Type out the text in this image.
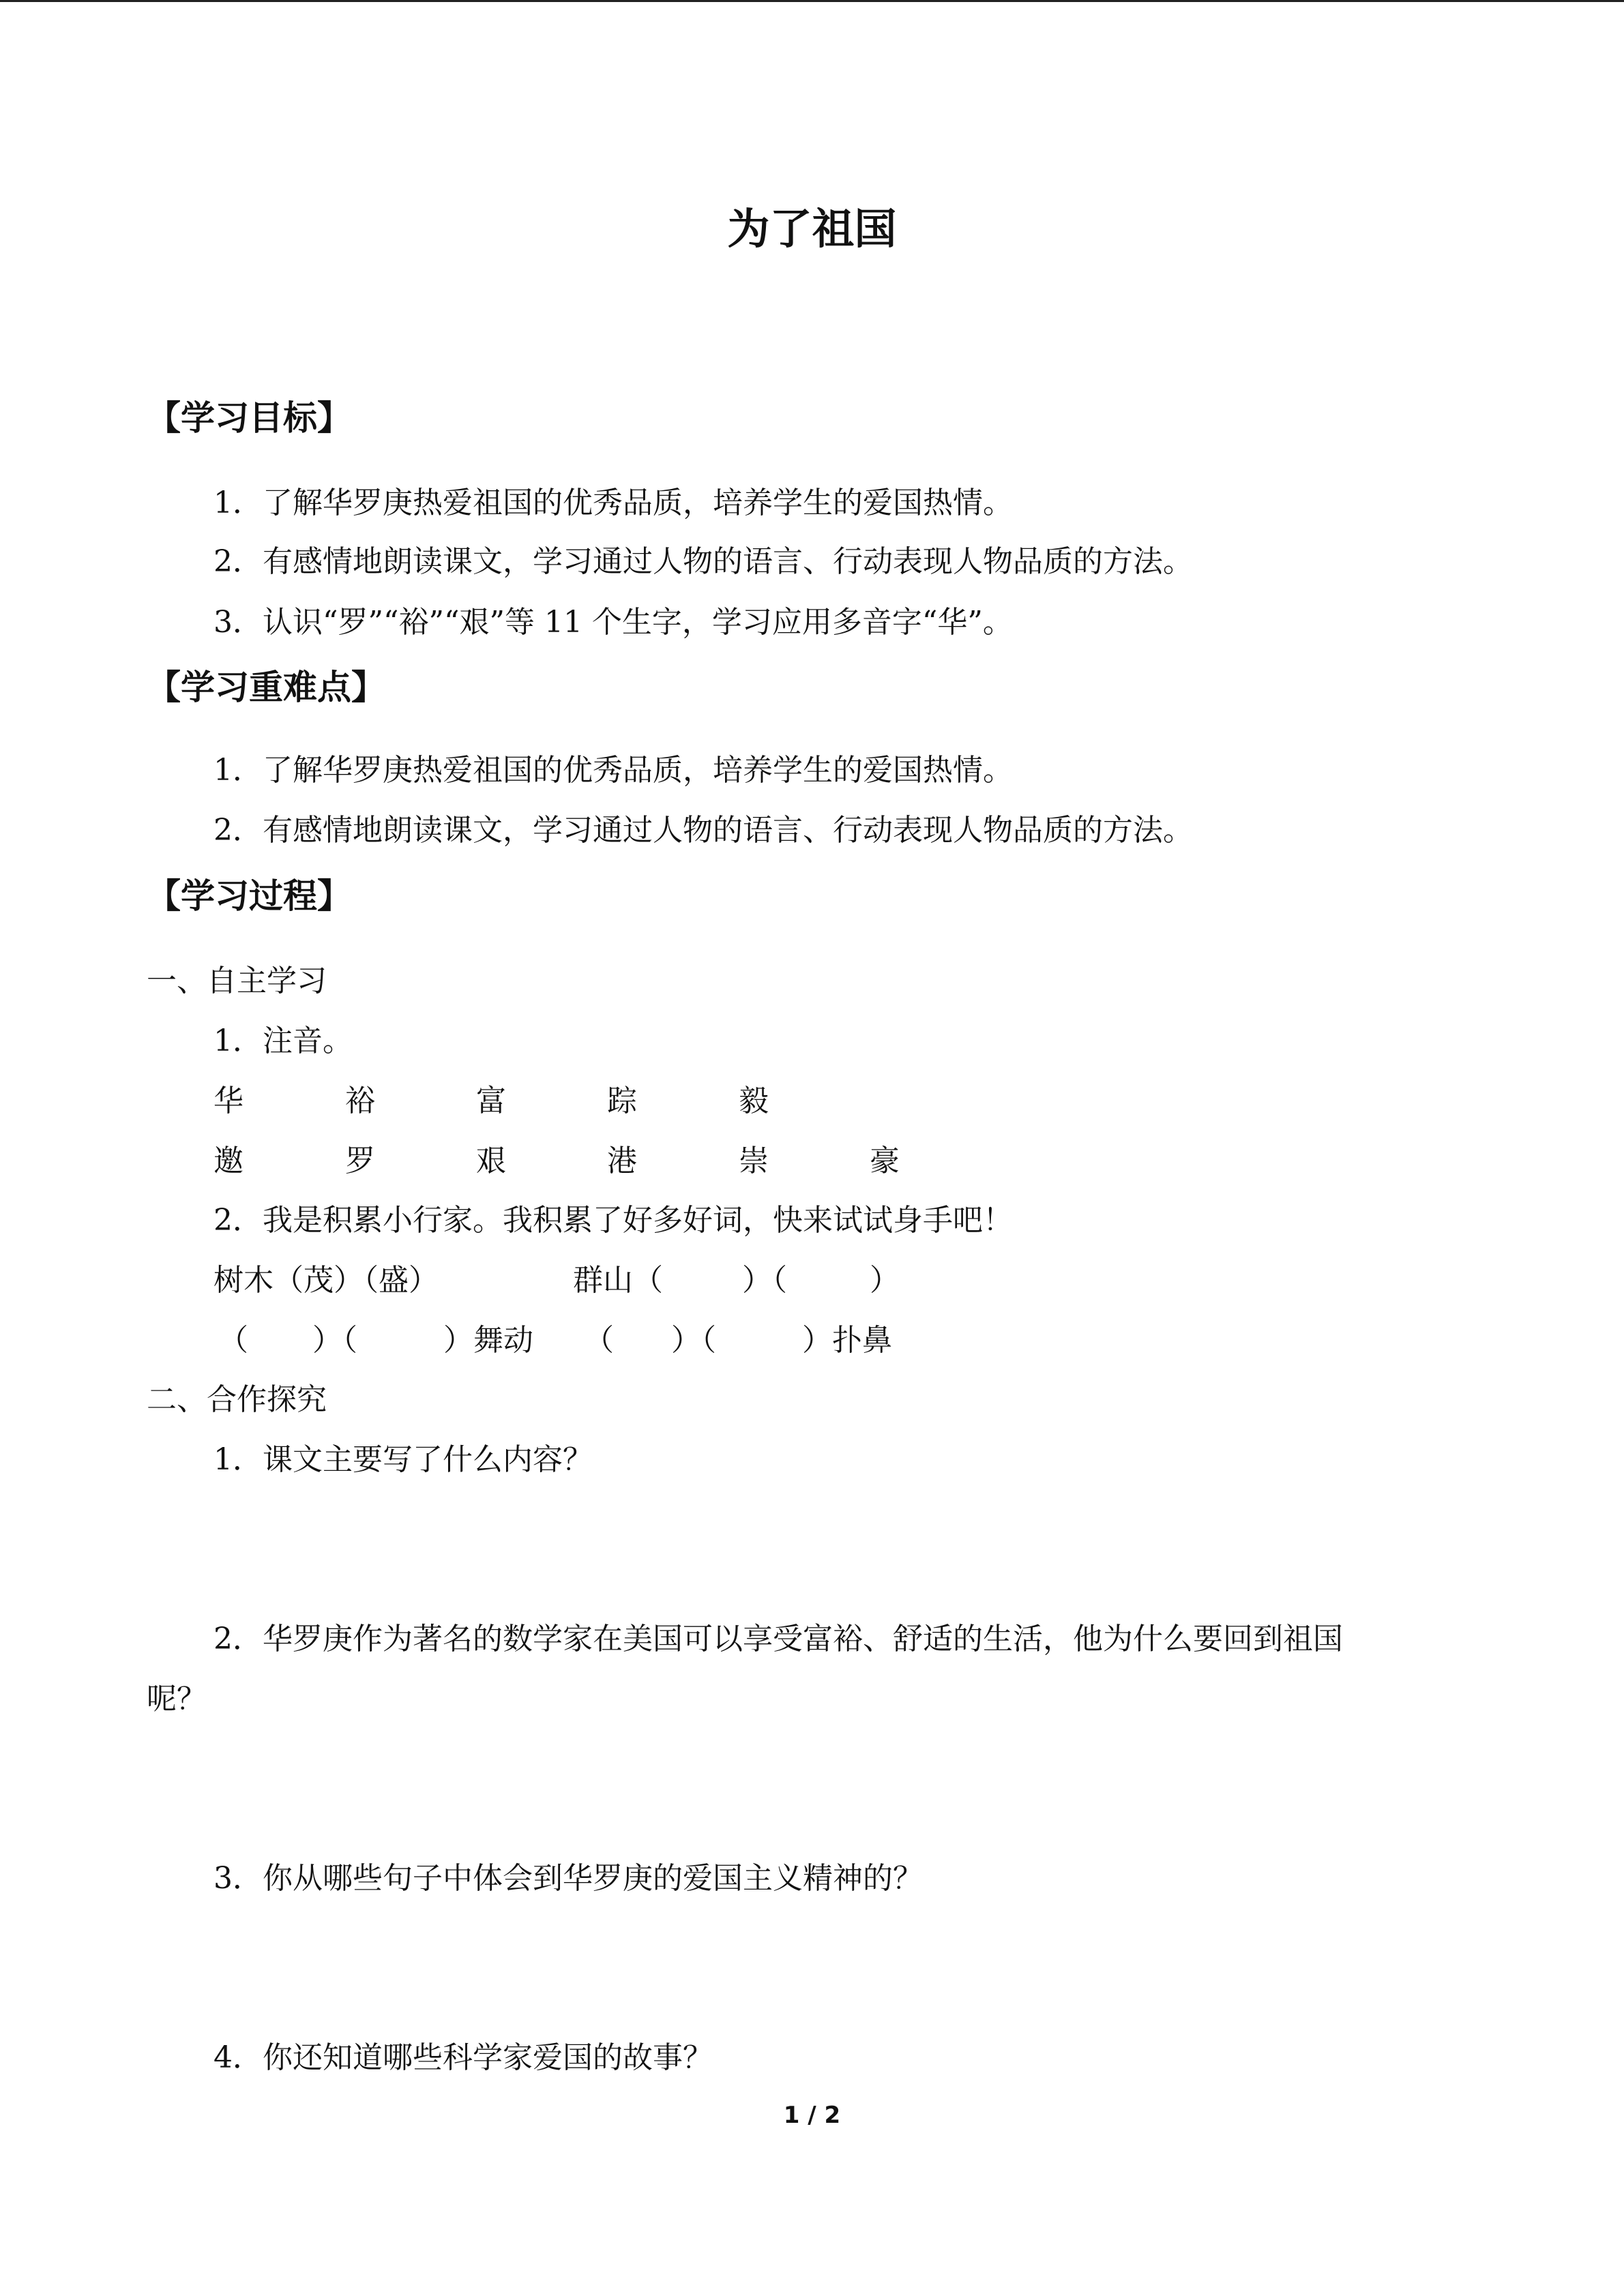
为了祖国
【学习目标】
1．了解华罗庚热爱祖国的优秀品质，培养学生的爱国热情。
2．有感情地朗读课文，学习通过人物的语言、行动表现人物品质的方法。
3．认识“罗”“裕”“艰”等 11 个生字，学习应用多音字“华”。
【学习重难点】
1．了解华罗庚热爱祖国的优秀品质，培养学生的爱国热情。
2．有感情地朗读课文，学习通过人物的语言、行动表现人物品质的方法。
【学习过程】
一、自主学习
1．注音。
华	裕	富	踪	毅
邀	罗	艰	港	崇	豪
2．我是积累小行家。我积累了好多好词，快来试试身手吧！
树木（茂）（盛）	群山（	）（	）
（ ）（	）舞动 （ ）（	）扑鼻
二、合作探究
1．课文主要写了什么内容？
2．华罗庚作为著名的数学家在美国可以享受富裕、舒适的生活，他为什么要回到祖国
呢？
3．你从哪些句子中体会到华罗庚的爱国主义精神的？
4．你还知道哪些科学家爱国的故事？
1 / 2
